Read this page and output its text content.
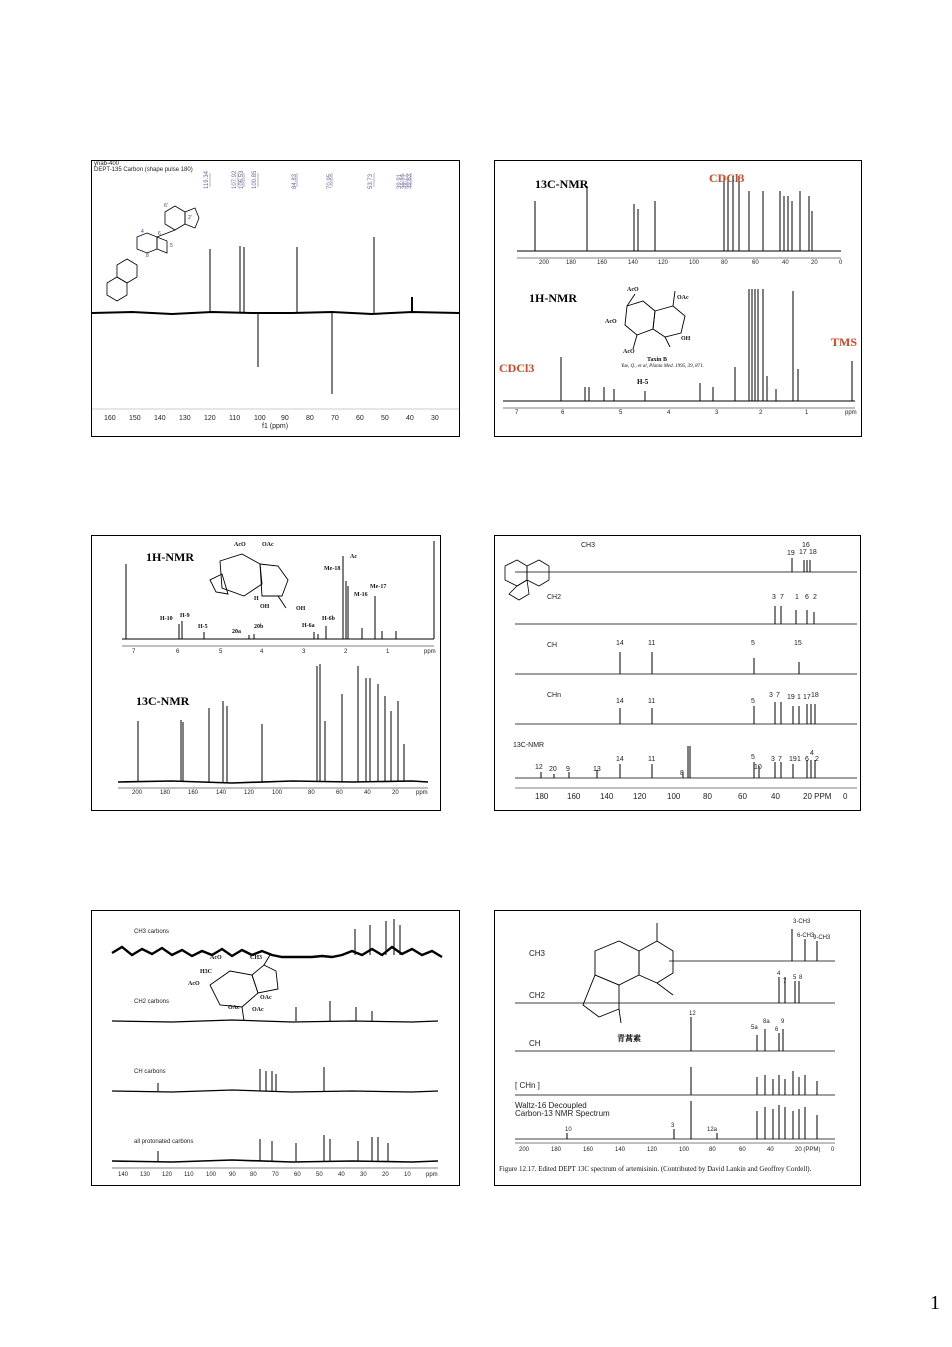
6'
2'
4	6
5
8
ynab-400
DEPT-135 Carbon (shape pulse 180)
119.34	107.92 106.53 100.85	84.83	70.95	53.73	39.91 39.77 39.63
160 150 140 130 120 110 100 90 80 70 60 50 40 30
f1 (ppm)
13C-NMR	CDCl3
1H-NMR
CDCl3
TMS
H-5
AcO
OAc
AcO
OH
AcO
Taxin B
Yue, Q., et al, Planta Med. 1995, 39, 871.
200	180	160	140	120	100	80	60	40	20	0
7	6	5	4	3	2	1	ppm
1H-NMR
13C-NMR
H-10 H-9
H-5
20a
20b	H-6a
H-6b
Me-18
Ac
M-16
Me-17
AcO	OAc
OH	OH
H
7	6	5	4	3	2	1	ppm
200	180	160	140	120	100	80	60	40	20	ppm
CH3
CH2
CH
CHn
13C-NMR
19
16
17 18
3 7 1 6 2
14	11	5	15
14	11	5
3 7 19 1 17 18
12 20 9	13
14	11
8
5
10
3 7 19 1 6
4
2
180 160 140 120	100	80	60	40	20 PPM 0
CH3 carbons
CH2 carbons
CH carbons
all protonated carbons
AcO	CH3
H3C
AcO
OAc
OAc OAc
140 130 120 110 100 90 80	70	60	50	40	30	20	10	ppm
CH3
CH2
CH
[ CHn ]
Waltz-16 Decoupled
Carbon-13 NMR Spectrum
青蒿素
3-CH3
6-CH3
9-CH3
4
7
5 8
12
5a
8a
6
9
10
3
12a
200	180	160	140	120	100	80	60	40	20 (PPM) 0
Figure 12.17. Edited DEPT 13C spectrum of artemisinin. (Contributed by David Lankin and Geoffrey Cordell).
1
